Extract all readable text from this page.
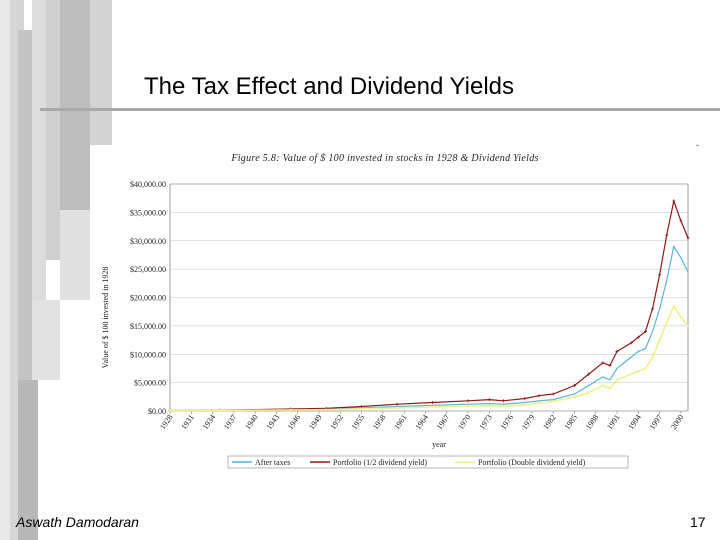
The Tax Effect and Dividend Yields
-
Figure 5.8: Value of $ 100 invested in stocks in 1928 & Dividend Yields
$0.00
$5,000.00
$10,000.00
$15,000.00
$20,000.00
$25,000.00
$30,000.00
$35,000.00
$40,000.00
1928 1931 1934 1937 1940 1943 1946 1949 1952 1955 1958 1961 1964 1967 1970 1973 1976 1979 1982 1985 1988 1991 1994 1997 2000
year
Value of $ 100 invested in 1928
After taxes	Portfolio (1/2 dividend yield)	Portfolio (Double dividend yield)
Aswath Damodaran	17
